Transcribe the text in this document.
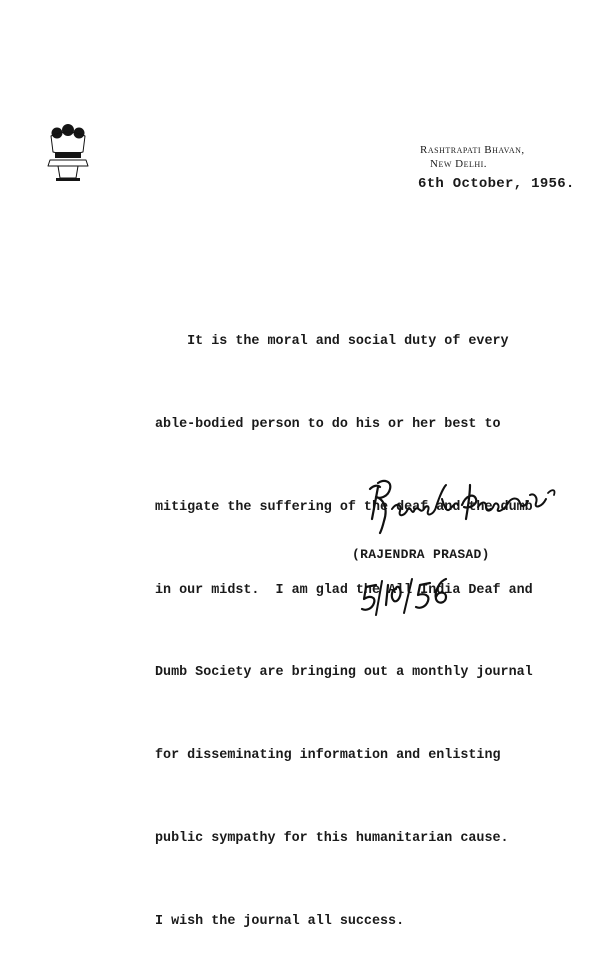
Rashtrapati Bhavan,
New Delhi.
6th October, 1956.

It is the moral and social duty of every

able-bodied person to do his or her best to

mitigate the suffering of the deaf and the dumb

in our midst.  I am glad the All India Deaf and

Dumb Society are bringing out a monthly journal

for disseminating information and enlisting

public sympathy for this humanitarian cause.

I wish the journal all success.

(RAJENDRA PRASAD)
